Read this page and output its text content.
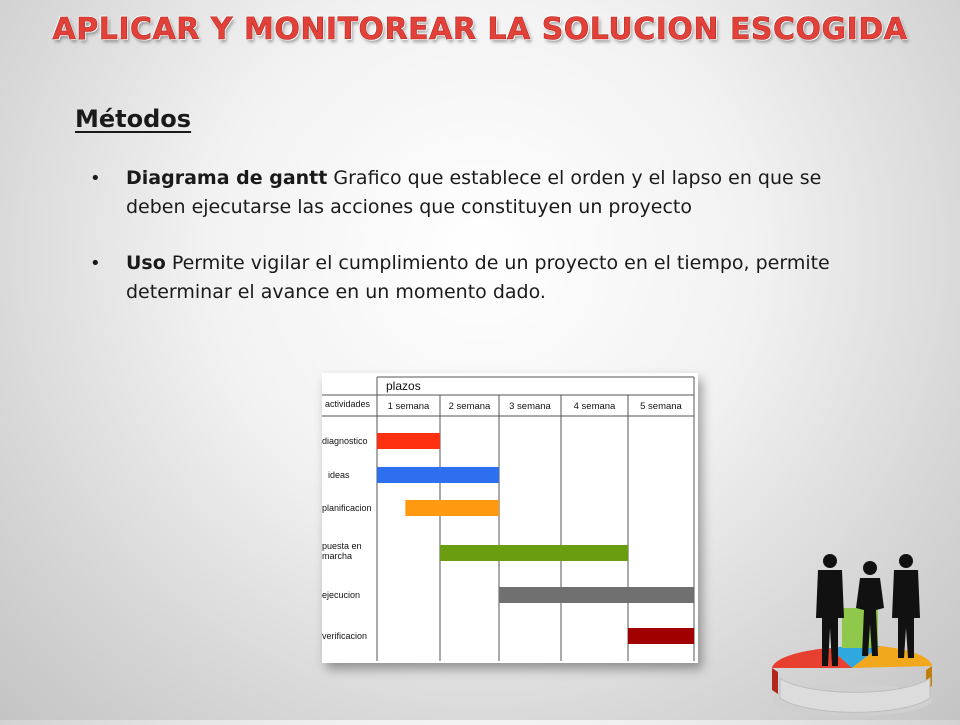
APLICAR Y MONITOREAR LA SOLUCION ESCOGIDA
Métodos
• Diagrama de gantt Grafico que establece el orden y el lapso en que se deben ejecutarse las acciones que constituyen un proyecto
• Uso Permite vigilar el cumplimiento de un proyecto en el tiempo, permite determinar el avance en un momento dado.
plazos
actividades 1 semana 2 semana 3 semana 4 semana	5 semana
diagnostico
ideas
planificacion
puesta en
marcha
ejecucion
verificacion
